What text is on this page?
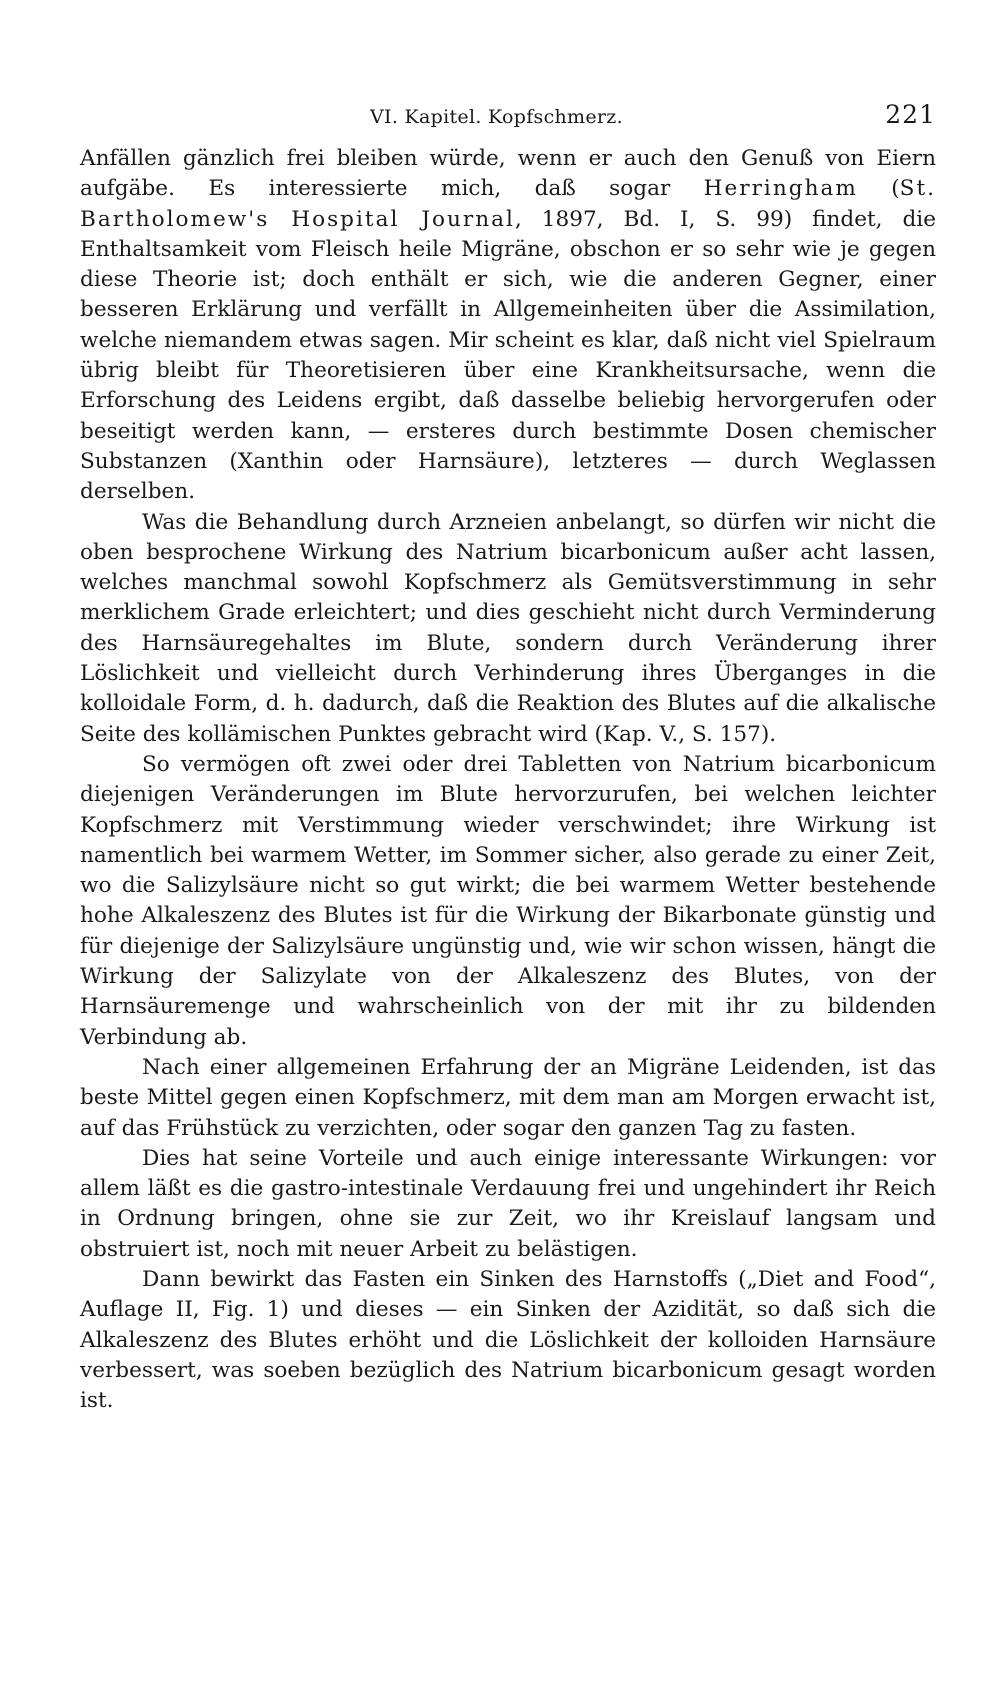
VI. Kapitel. Kopfschmerz.	221

Anfällen gänzlich frei bleiben würde, wenn er auch den Genuß von Eiern aufgäbe. Es interessierte mich, daß sogar Herringham (St. Bartholomew's Hospital Journal, 1897, Bd. I, S. 99) findet, die Enthaltsamkeit vom Fleisch heile Migräne, obschon er so sehr wie je gegen diese Theorie ist; doch enthält er sich, wie die anderen Gegner, einer besseren Erklärung und verfällt in Allgemeinheiten über die Assimilation, welche niemandem etwas sagen. Mir scheint es klar, daß nicht viel Spielraum übrig bleibt für Theoretisieren über eine Krankheitsursache, wenn die Erforschung des Leidens ergibt, daß dasselbe beliebig hervorgerufen oder beseitigt werden kann, — ersteres durch bestimmte Dosen chemischer Substanzen (Xanthin oder Harnsäure), letzteres — durch Weglassen derselben.

Was die Behandlung durch Arzneien anbelangt, so dürfen wir nicht die oben besprochene Wirkung des Natrium bicarbonicum außer acht lassen, welches manchmal sowohl Kopfschmerz als Gemütsverstimmung in sehr merklichem Grade erleichtert; und dies geschieht nicht durch Verminderung des Harnsäuregehaltes im Blute, sondern durch Veränderung ihrer Löslichkeit und vielleicht durch Verhinderung ihres Überganges in die kolloidale Form, d. h. dadurch, daß die Reaktion des Blutes auf die alkalische Seite des kollämischen Punktes gebracht wird (Kap. V., S. 157).

So vermögen oft zwei oder drei Tabletten von Natrium bicarbonicum diejenigen Veränderungen im Blute hervorzurufen, bei welchen leichter Kopfschmerz mit Verstimmung wieder verschwindet; ihre Wirkung ist namentlich bei warmem Wetter, im Sommer sicher, also gerade zu einer Zeit, wo die Salizylsäure nicht so gut wirkt; die bei warmem Wetter bestehende hohe Alkaleszenz des Blutes ist für die Wirkung der Bikarbonate günstig und für diejenige der Salizylsäure ungünstig und, wie wir schon wissen, hängt die Wirkung der Salizylate von der Alkaleszenz des Blutes, von der Harnsäuremenge und wahrscheinlich von der mit ihr zu bildenden Verbindung ab.

Nach einer allgemeinen Erfahrung der an Migräne Leidenden, ist das beste Mittel gegen einen Kopfschmerz, mit dem man am Morgen erwacht ist, auf das Frühstück zu verzichten, oder sogar den ganzen Tag zu fasten.

Dies hat seine Vorteile und auch einige interessante Wirkungen: vor allem läßt es die gastro-intestinale Verdauung frei und ungehindert ihr Reich in Ordnung bringen, ohne sie zur Zeit, wo ihr Kreislauf langsam und obstruiert ist, noch mit neuer Arbeit zu belästigen.

Dann bewirkt das Fasten ein Sinken des Harnstoffs („Diet and Food“, Auflage II, Fig. 1) und dieses — ein Sinken der Azidität, so daß sich die Alkaleszenz des Blutes erhöht und die Löslichkeit der kolloiden Harnsäure verbessert, was soeben bezüglich des Natrium bicarbonicum gesagt worden ist.
